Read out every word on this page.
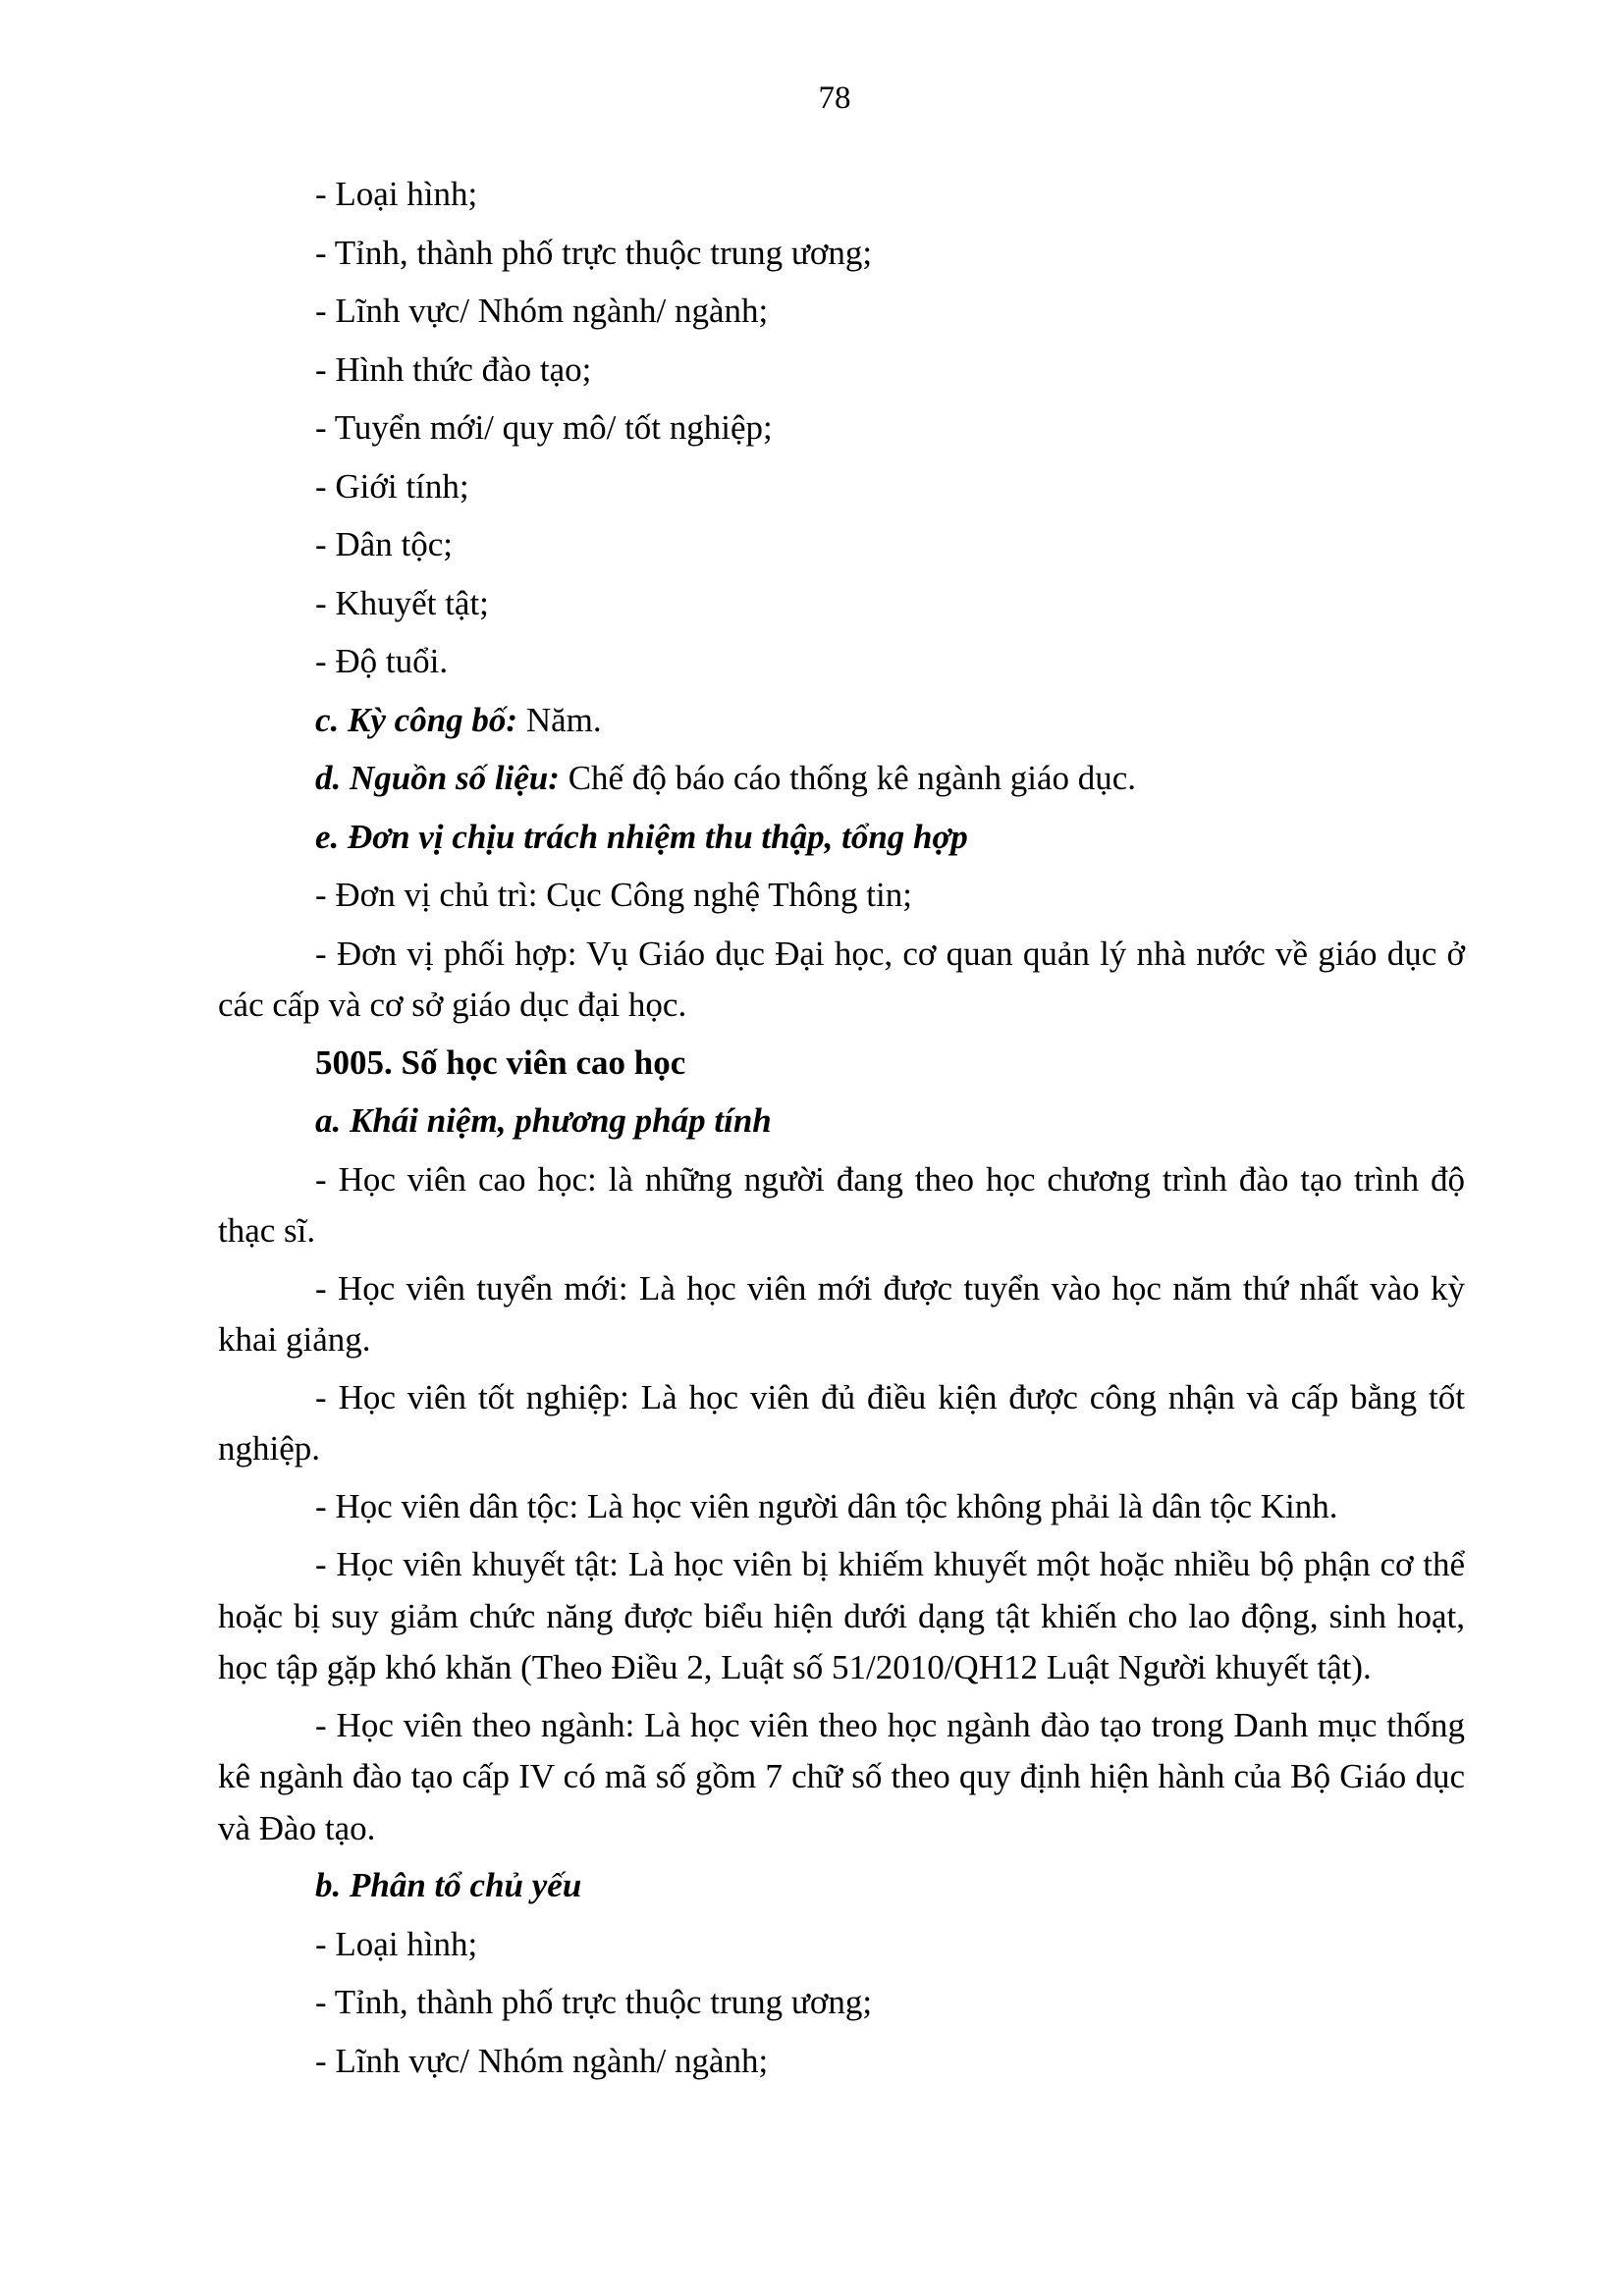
78

- Loại hình;

- Tỉnh, thành phố trực thuộc trung ương;

- Lĩnh vực/ Nhóm ngành/ ngành;

- Hình thức đào tạo;

- Tuyển mới/ quy mô/ tốt nghiệp;

- Giới tính;

- Dân tộc;

- Khuyết tật;

- Độ tuổi.

c. Kỳ công bố: Năm.

d. Nguồn số liệu: Chế độ báo cáo thống kê ngành giáo dục.

e. Đơn vị chịu trách nhiệm thu thập, tổng hợp

- Đơn vị chủ trì: Cục Công nghệ Thông tin;

- Đơn vị phối hợp: Vụ Giáo dục Đại học, cơ quan quản lý nhà nước về giáo dục ở các cấp và cơ sở giáo dục đại học.

5005. Số học viên cao học

a. Khái niệm, phương pháp tính

- Học viên cao học: là những người đang theo học chương trình đào tạo trình độ thạc sĩ.

- Học viên tuyển mới: Là học viên mới được tuyển vào học năm thứ nhất vào kỳ khai giảng.

- Học viên tốt nghiệp: Là học viên đủ điều kiện được công nhận và cấp bằng tốt nghiệp.

- Học viên dân tộc: Là học viên người dân tộc không phải là dân tộc Kinh.

- Học viên khuyết tật: Là học viên bị khiếm khuyết một hoặc nhiều bộ phận cơ thể hoặc bị suy giảm chức năng được biểu hiện dưới dạng tật khiến cho lao động, sinh hoạt, học tập gặp khó khăn (Theo Điều 2, Luật số 51/2010/QH12 Luật Người khuyết tật).

- Học viên theo ngành: Là học viên theo học ngành đào tạo trong Danh mục thống kê ngành đào tạo cấp IV có mã số gồm 7 chữ số theo quy định hiện hành của Bộ Giáo dục và Đào tạo.

b. Phân tổ chủ yếu

- Loại hình;

- Tỉnh, thành phố trực thuộc trung ương;

- Lĩnh vực/ Nhóm ngành/ ngành;
